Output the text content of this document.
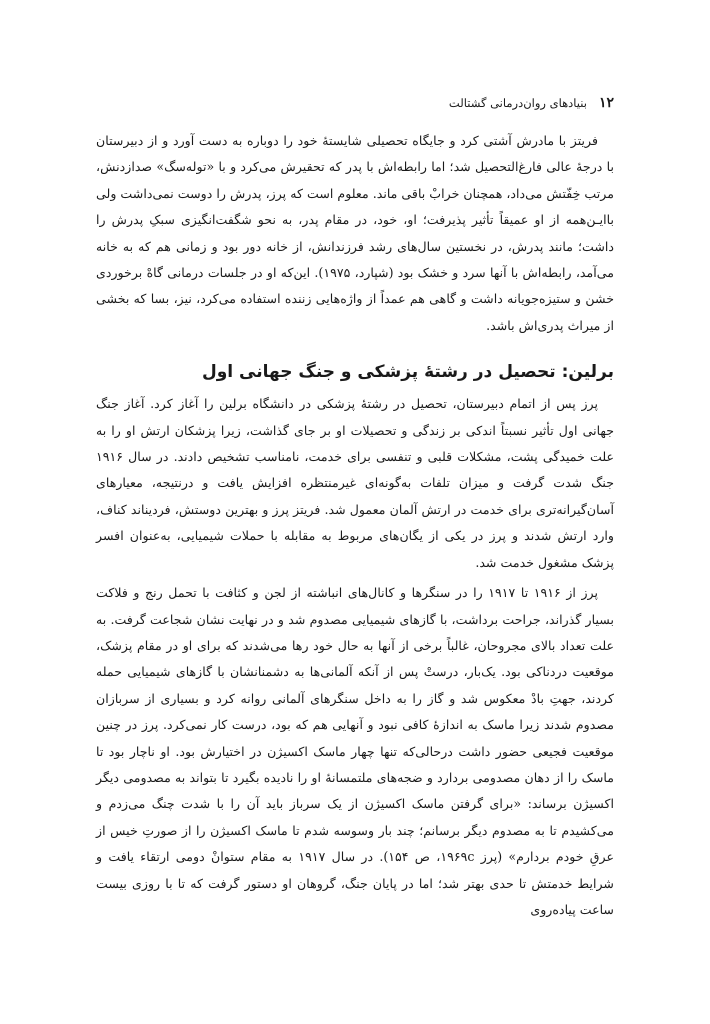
۱۲
بنیادهای روان‌درمانی گشتالت

فریتز با مادرش آشتی کرد و جایگاه تحصیلی شایستهٔ خود را دوباره به دست آورد و از دبیرستان با درجهٔ عالی فارغ‌التحصیل شد؛ اما رابطه‌اش با پدر که تحقیرش می‌کرد و با «تولەسگ» صدازدنش، مرتب خِفّتش می‌داد، همچنان خرابْ باقی ماند. معلوم است که پرز، پدرش را دوست نمی‌داشت ولی باایـن‌همه از او عمیقاً تأثیر پذیرفت؛ او، خود، در مقام پدر، به نحو شگفت‌انگیزی سبکِ پدرش را داشت؛ مانند پدرش، در نخستین سال‌های رشد فرزندانش، از خانه دور بود و زمانی هم که به خانه می‌آمد، رابطه‌اش با آنها سرد و خشک بود (شپارد، ۱۹۷۵). این‌که او در جلسات درمانی گاهْ برخوردی خشن و ستیزه‌جویانه داشت و گاهی هم عمداً از واژه‌هایی زننده استفاده می‌کرد، نیز، بسا که بخشی از میراث پدری‌اش باشد.

برلین: تحصیل در رشتهٔ پزشکی و جنگ جهانی اول

پرز پس از اتمام دبیرستان، تحصیل در رشتهٔ پزشکی در دانشگاه برلین را آغاز کرد. آغاز جنگ جهانی اول تأثیر نسبتاً اندکی بر زندگی و تحصیلات او بر جای گذاشت، زیرا پزشکان ارتش او را به علت خمیدگی پشت، مشکلات قلبی و تنفسی برای خدمت، نامناسب تشخیص دادند. در سال ۱۹۱۶ جنگ شدت گرفت و میزان تلفات به‌گونه‌ای غیرمنتظره افزایش یافت و درنتیجه، معیارهای آسان‌گیرانه‌تری برای خدمت در ارتش آلمان معمول شد. فریتز پرز و بهترین دوستش، فردیناند کناف، وارد ارتش شدند و پرز در یکی از یگان‌های مربوط به مقابله با حملات شیمیایی، به‌عنوان افسر پزشک مشغول خدمت شد.

پرز از ۱۹۱۶ تا ۱۹۱۷ را در سنگرها و کانال‌های انباشته از لجن و کثافت با تحمل رنج و فلاکت بسیار گذراند، جراحت برداشت، با گازهای شیمیایی مصدوم شد و در نهایت نشان شجاعت گرفت. به علت تعداد بالای مجروحان، غالباً برخی از آنها به حال خود رها می‌شدند که برای او در مقام پزشک، موقعیت دردناکی بود. یک‌بار، درستْ پس از آنکه آلمانی‌ها به دشمنانشان با گازهای شیمیایی حمله کردند، جهتِ بادْ معکوس شد و گاز را به داخل سنگرهای آلمانی روانه کرد و بسیاری از سربازان مصدوم شدند زیرا ماسک به اندازهٔ کافی نبود و آنهایی هم که بود، درست کار نمی‌کرد. پرز در چنین موقعیت فجیعی حضور داشت درحالی‌که تنها چهار ماسک اکسیژن در اختیارش بود. او ناچار بود تا ماسک را از دهان مصدومی بردارد و ضجه‌های ملتمسانهٔ او را نادیده بگیرد تا بتواند به مصدومی دیگر اکسیژن برساند: «برای گرفتن ماسک اکسیژن از یک سرباز باید آن را با شدت چنگ می‌زدم و می‌کشیدم تا به مصدوم دیگر برسانم؛ چند بار وسوسه شدم تا ماسک اکسیژن را از صورتِ خیس از عرقِ خودم بردارم» (پرز ۱۹۶۹c، ص ۱۵۴). در سال ۱۹۱۷ به مقام ستوانْ دومی ارتقاء یافت و شرایط خدمتش تا حدی بهتر شد؛ اما در پایان جنگ، گروهان او دستور گرفت که تا با روزی بیست ساعت پیاده‌روی
